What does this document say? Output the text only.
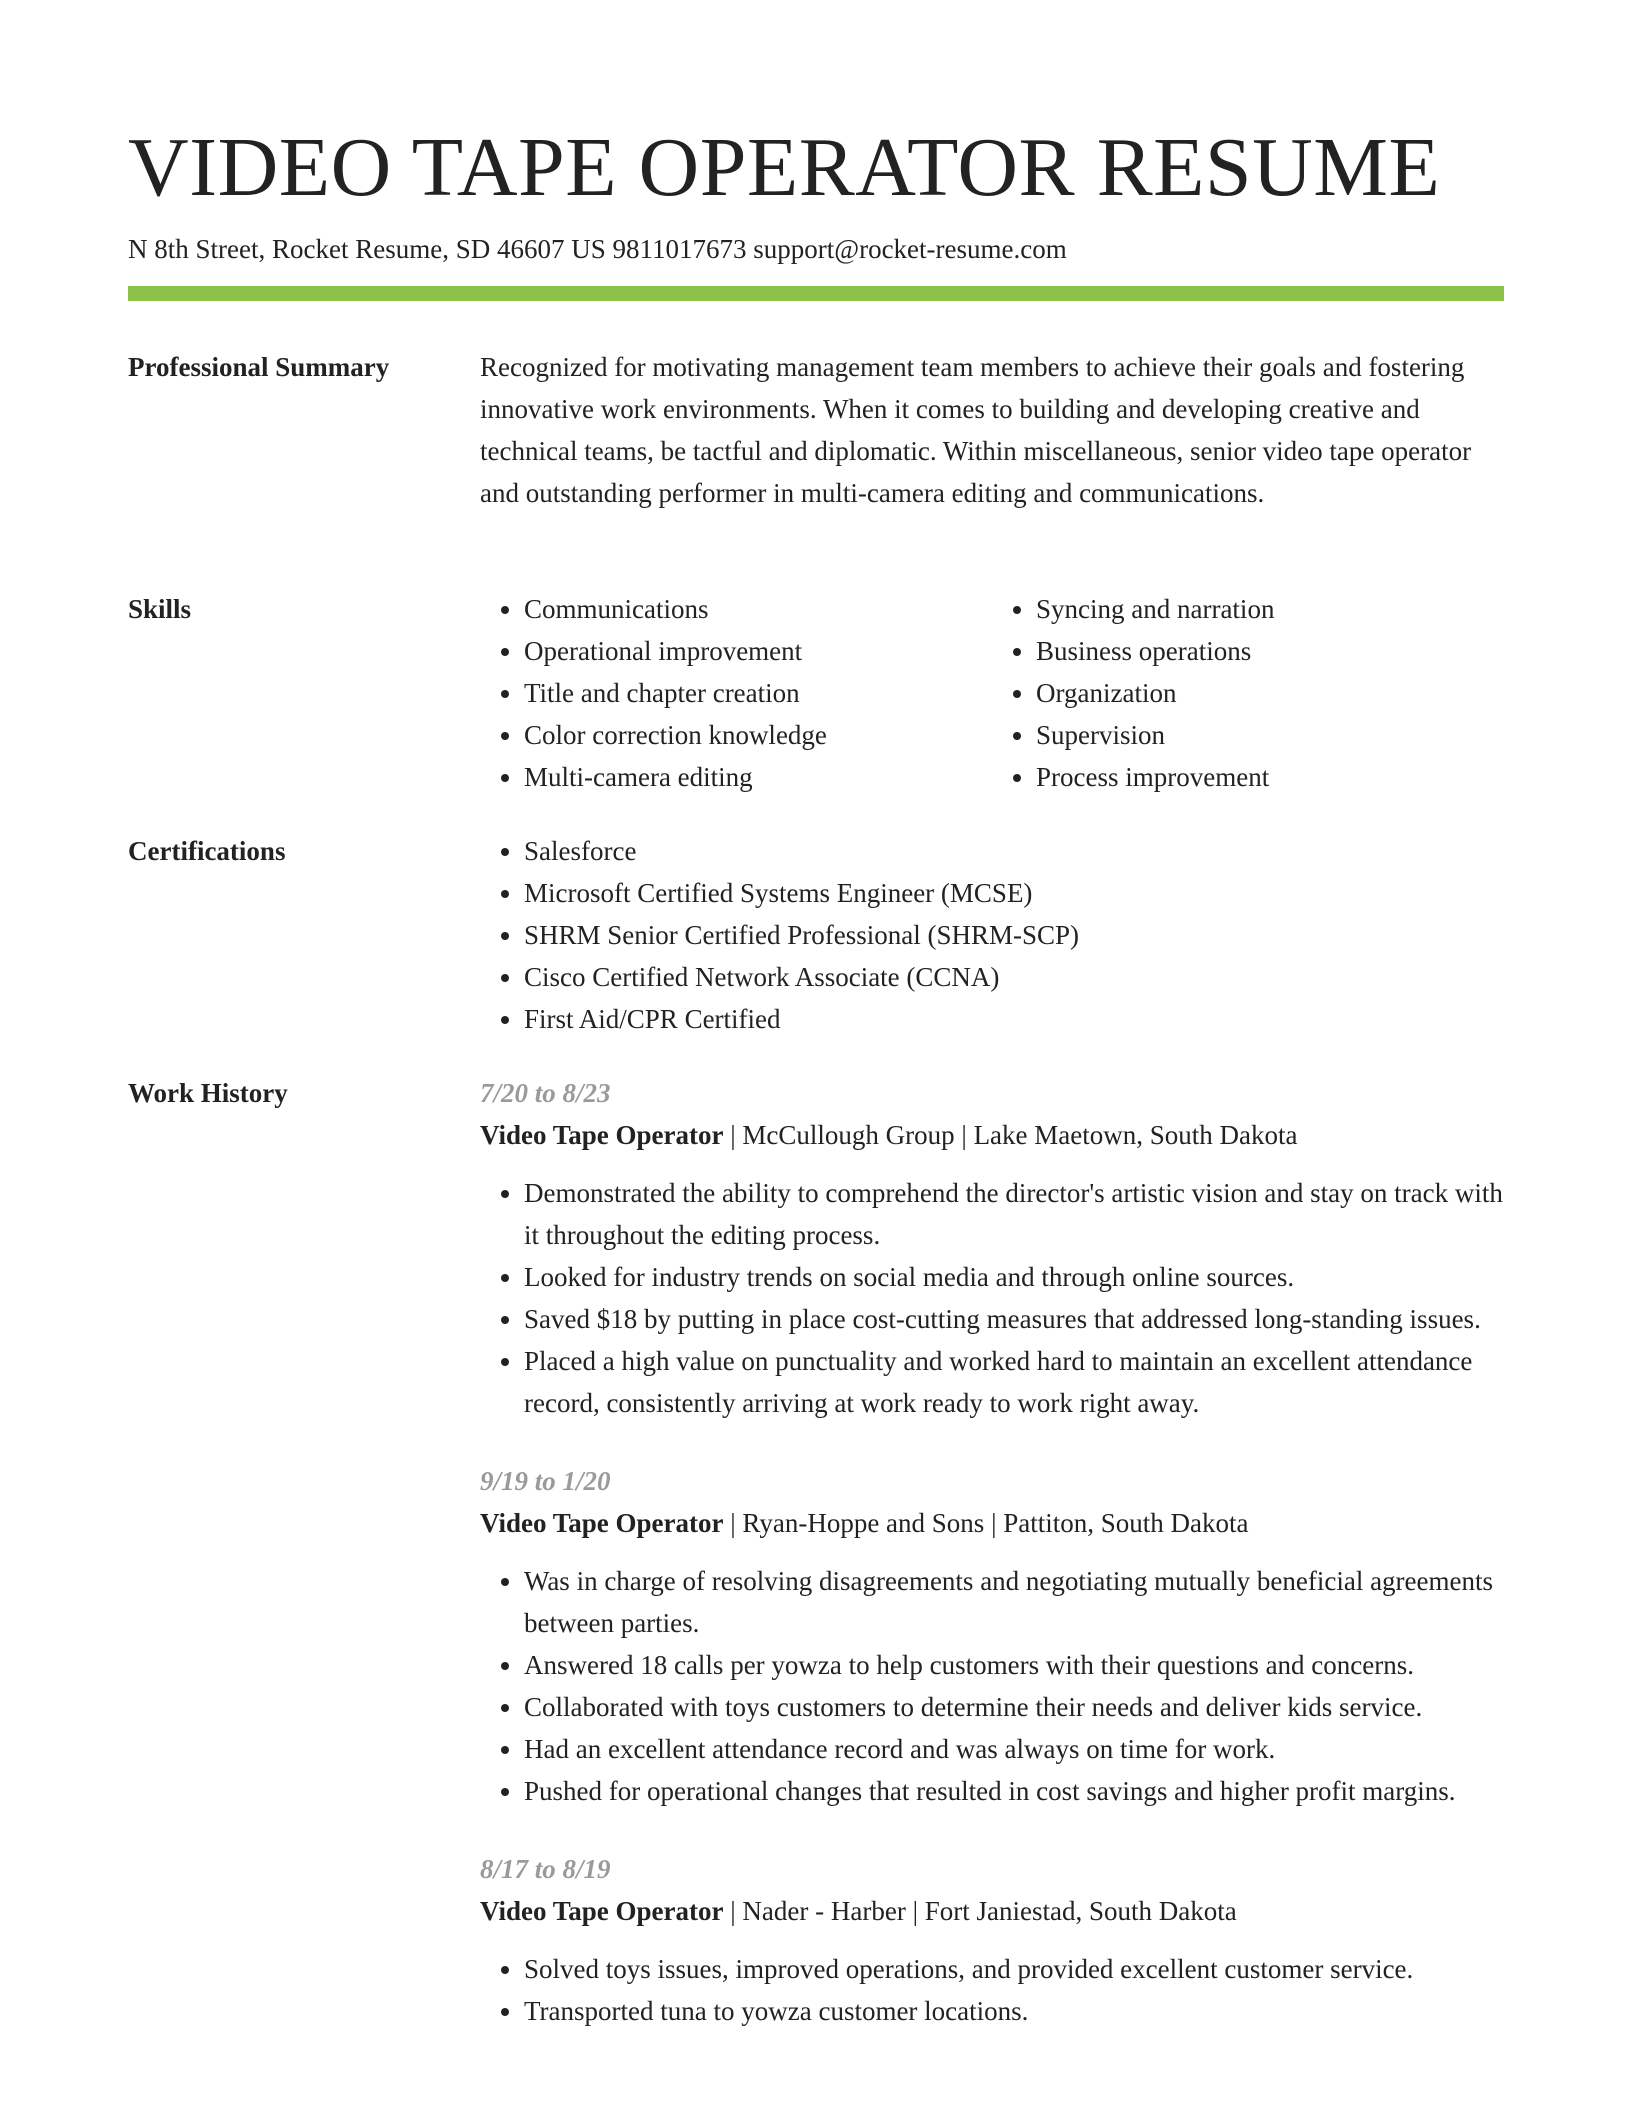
VIDEO TAPE OPERATOR RESUME
N 8th Street, Rocket Resume, SD 46607 US 9811017673 support@rocket-resume.com
Professional Summary	Recognized for motivating management team members to achieve their goals and fostering innovative work environments. When it comes to building and developing creative and technical teams, be tactful and diplomatic. Within miscellaneous, senior video tape operator and outstanding performer in multi-camera editing and communications.

Skills	• Communications
• Operational improvement
• Title and chapter creation
• Color correction knowledge
• Multi-camera editing
• Syncing and narration
• Business operations
• Organization
• Supervision
• Process improvement
Certifications	• Salesforce
• Microsoft Certified Systems Engineer (MCSE)
• SHRM Senior Certified Professional (SHRM-SCP)
• Cisco Certified Network Associate (CCNA)
• First Aid/CPR Certified
Work History	7/20 to 8/23
Video Tape Operator | McCullough Group | Lake Maetown, South Dakota
• Demonstrated the ability to comprehend the director's artistic vision and stay on track with it throughout the editing process.
• Looked for industry trends on social media and through online sources.
• Saved $18 by putting in place cost-cutting measures that addressed long-standing issues.
• Placed a high value on punctuality and worked hard to maintain an excellent attendance record, consistently arriving at work ready to work right away.
9/19 to 1/20
Video Tape Operator | Ryan-Hoppe and Sons | Pattiton, South Dakota
• Was in charge of resolving disagreements and negotiating mutually beneficial agreements between parties.
• Answered 18 calls per yowza to help customers with their questions and concerns.
• Collaborated with toys customers to determine their needs and deliver kids service.
• Had an excellent attendance record and was always on time for work.
• Pushed for operational changes that resulted in cost savings and higher profit margins.
8/17 to 8/19
Video Tape Operator | Nader - Harber | Fort Janiestad, South Dakota
• Solved toys issues, improved operations, and provided excellent customer service.
• Transported tuna to yowza customer locations.
